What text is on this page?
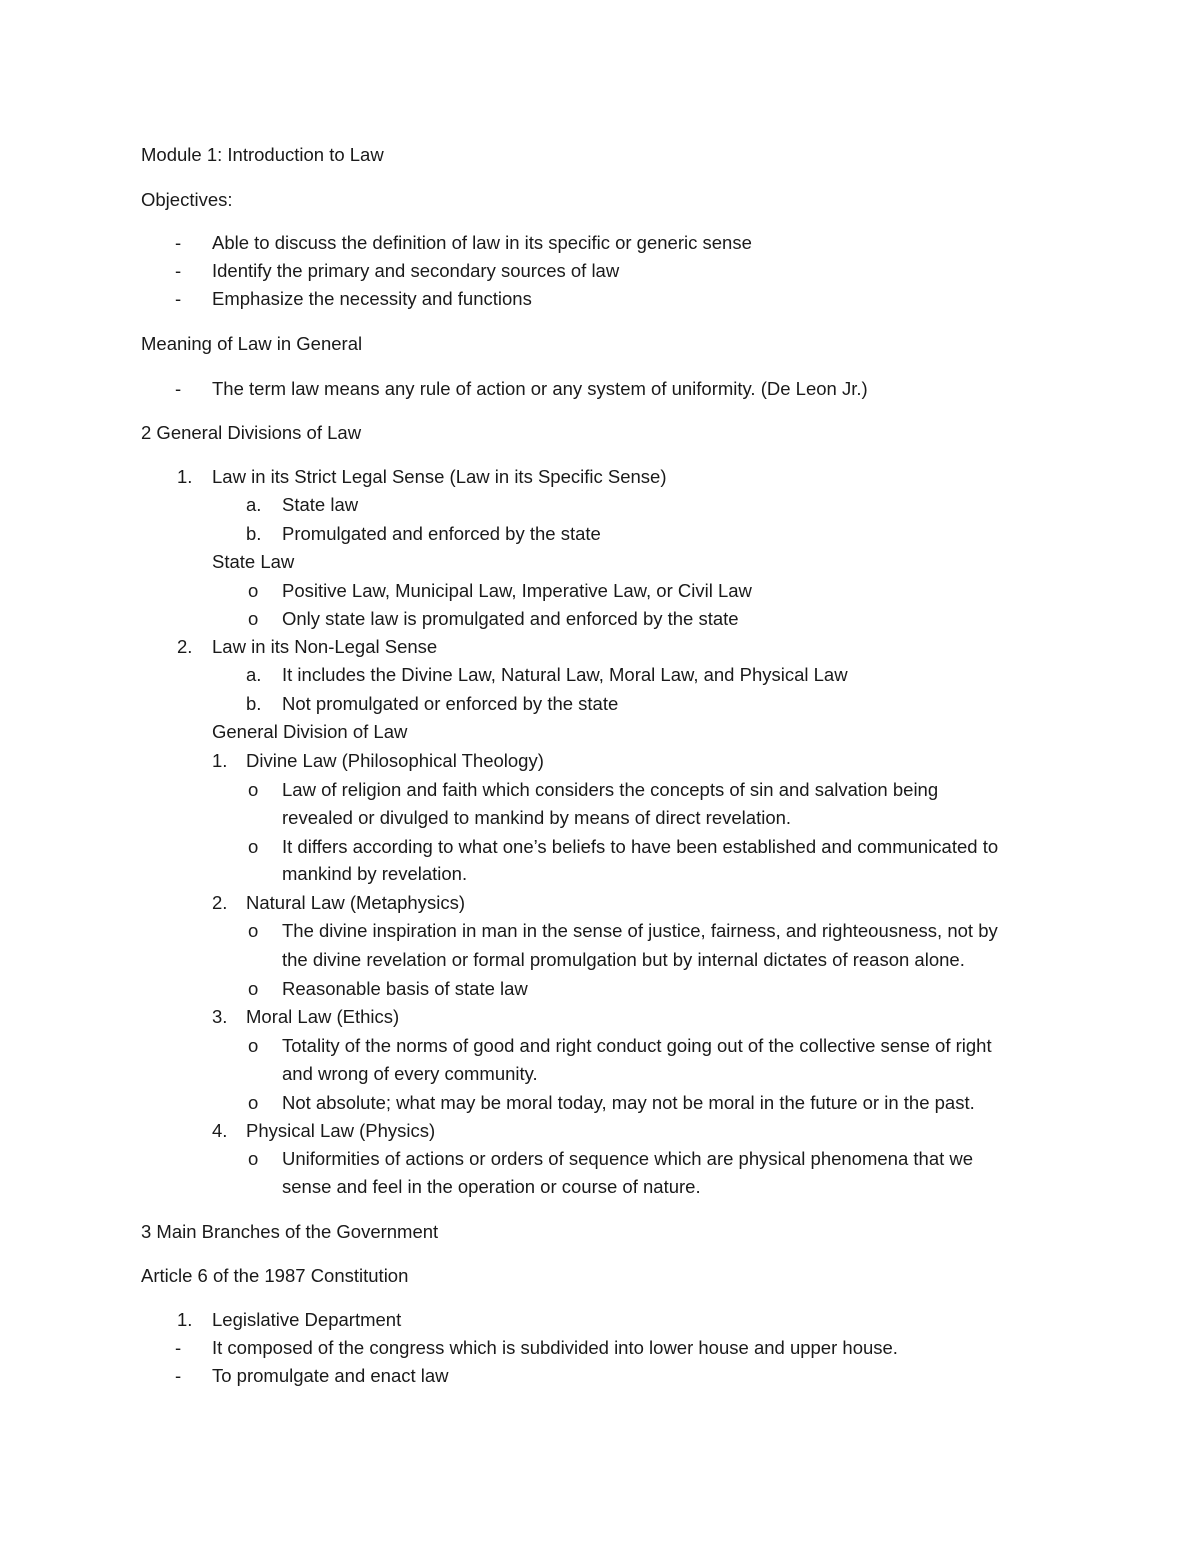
Module 1: Introduction to Law
Objectives:
- Able to discuss the definition of law in its specific or generic sense
- Identify the primary and secondary sources of law
- Emphasize the necessity and functions
Meaning of Law in General
- The term law means any rule of action or any system of uniformity. (De Leon Jr.)
2 General Divisions of Law
1. Law in its Strict Legal Sense (Law in its Specific Sense)
a. State law
b. Promulgated and enforced by the state
State Law
o Positive Law, Municipal Law, Imperative Law, or Civil Law
o Only state law is promulgated and enforced by the state
2. Law in its Non-Legal Sense
a. It includes the Divine Law, Natural Law, Moral Law, and Physical Law
b. Not promulgated or enforced by the state
General Division of Law
1. Divine Law (Philosophical Theology)
o Law of religion and faith which considers the concepts of sin and salvation being
revealed or divulged to mankind by means of direct revelation.
o It differs according to what one’s beliefs to have been established and communicated to
mankind by revelation.
2. Natural Law (Metaphysics)
o The divine inspiration in man in the sense of justice, fairness, and righteousness, not by
the divine revelation or formal promulgation but by internal dictates of reason alone.
o Reasonable basis of state law
3. Moral Law (Ethics)
o Totality of the norms of good and right conduct going out of the collective sense of right
and wrong of every community.
o Not absolute; what may be moral today, may not be moral in the future or in the past.
4. Physical Law (Physics)
o Uniformities of actions or orders of sequence which are physical phenomena that we
sense and feel in the operation or course of nature.
3 Main Branches of the Government
Article 6 of the 1987 Constitution
1. Legislative Department
- It composed of the congress which is subdivided into lower house and upper house.
- To promulgate and enact law
